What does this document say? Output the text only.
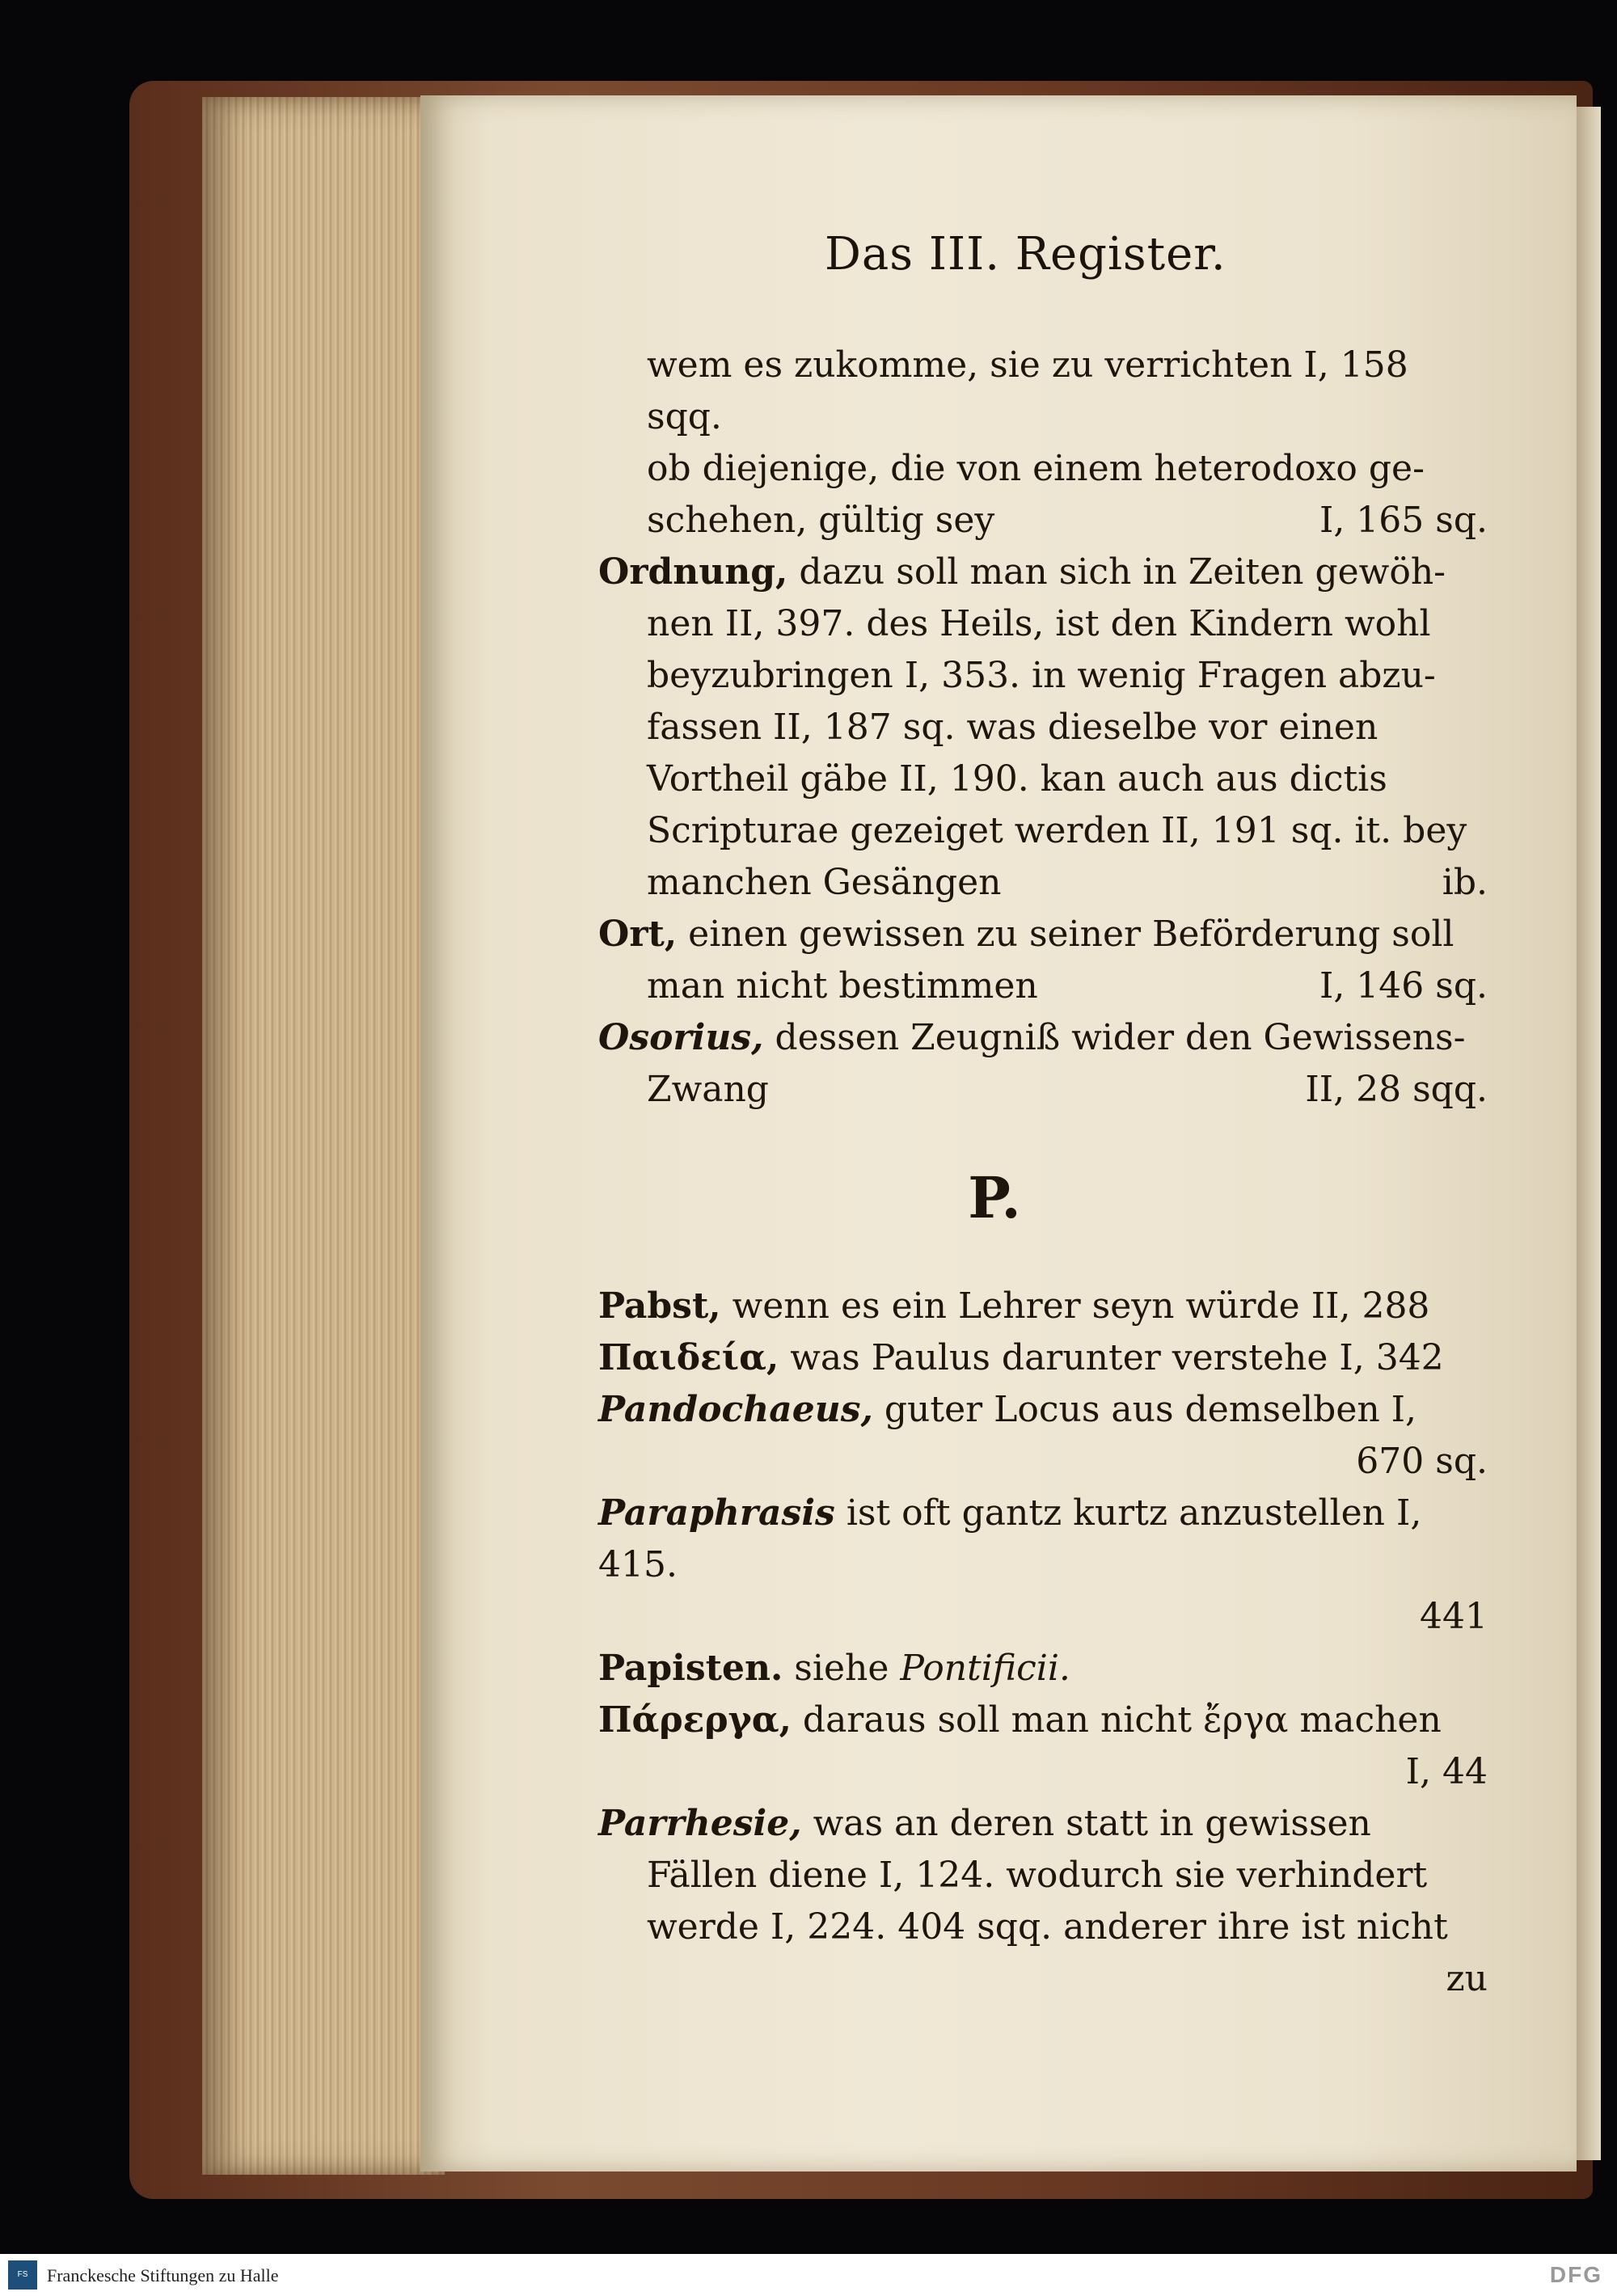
Das III. Register.

wem es zukomme, sie zu verrichten I, 158 sqq.

ob diejenige, die von einem heterodoxo ge-

schehen, gültig sey	I, 165 sq.

Ordnung, dazu soll man sich in Zeiten gewöh-

nen II, 397. des Heils, ist den Kindern wohl

beyzubringen I, 353. in wenig Fragen abzu-

fassen II, 187 sq. was dieselbe vor einen

Vortheil gäbe II, 190. kan auch aus dictis

Scripturae gezeiget werden II, 191 sq. it. bey

manchen Gesängen	ib.

Ort, einen gewissen zu seiner Beförderung soll

man nicht bestimmen	I, 146 sq.

Osorius, dessen Zeugniß wider den Gewissens-

Zwang	II, 28 sqq.
P.

Pabst, wenn es ein Lehrer seyn würde II, 288

Παιδεία, was Paulus darunter verstehe I, 342

Pandochaeus, guter Locus aus demselben I,

670 sq.

Paraphrasis ist oft gantz kurtz anzustellen I, 415.

441

Papisten. siehe Pontificii.

Πάρεργα, daraus soll man nicht ἔργα machen

I, 44

Parrhesie, was an deren statt in gewissen

Fällen diene I, 124. wodurch sie verhindert

werde I, 224. 404 sqq. anderer ihre ist nicht

zu

FS	Franckesche Stiftungen zu Halle	DFG
